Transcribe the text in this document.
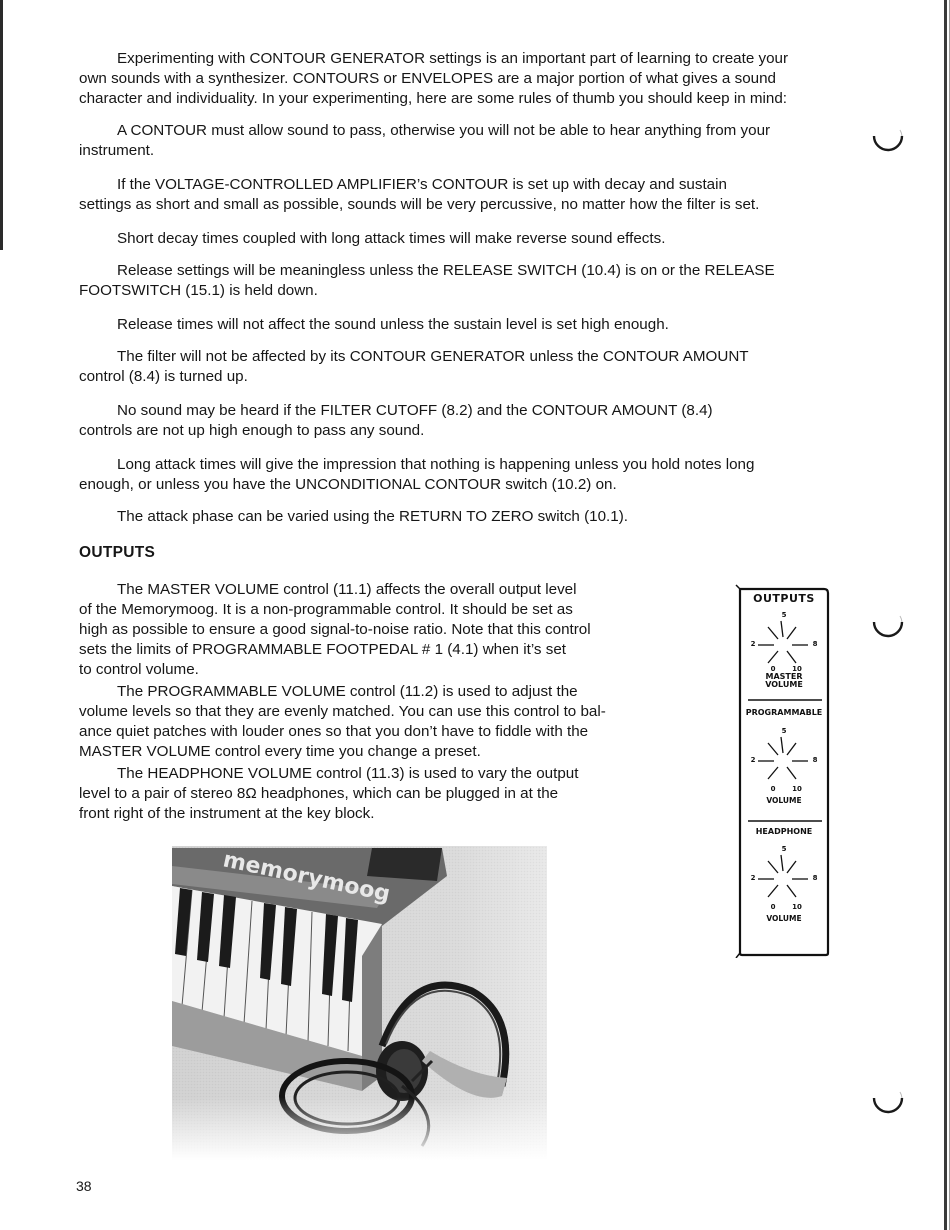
Experimenting with CONTOUR GENERATOR settings is an important part of learning to create your
own sounds with a synthesizer. CONTOURS or ENVELOPES are a major portion of what gives a sound
character and individuality. In your experimenting, here are some rules of thumb you should keep in mind:

A CONTOUR must allow sound to pass, otherwise you will not be able to hear anything from your
instrument.

If the VOLTAGE-CONTROLLED AMPLIFIER’s CONTOUR is set up with decay and sustain
settings as short and small as possible, sounds will be very percussive, no matter how the filter is set.

Short decay times coupled with long attack times will make reverse sound effects.

Release settings will be meaningless unless the RELEASE SWITCH (10.4) is on or the RELEASE
FOOTSWITCH (15.1) is held down.

Release times will not affect the sound unless the sustain level is set high enough.

The filter will not be affected by its CONTOUR GENERATOR unless the CONTOUR AMOUNT
control (8.4) is turned up.

No sound may be heard if the FILTER CUTOFF (8.2) and the CONTOUR AMOUNT (8.4)
controls are not up high enough to pass any sound.

Long attack times will give the impression that nothing is happening unless you hold notes long
enough, or unless you have the UNCONDITIONAL CONTOUR switch (10.2) on.

The attack phase can be varied using the RETURN TO ZERO switch (10.1).

OUTPUTS

The MASTER VOLUME control (11.1) affects the overall output level
of the Memorymoog. It is a non-programmable control. It should be set as
high as possible to ensure a good signal-to-noise ratio. Note that this control
sets the limits of PROGRAMMABLE FOOTPEDAL # 1 (4.1) when it’s set
to control volume.

The PROGRAMMABLE VOLUME control (11.2) is used to adjust the
volume levels so that they are evenly matched. You can use this control to bal-
ance quiet patches with louder ones so that you don’t have to fiddle with the
MASTER VOLUME control every time you change a preset.

The HEADPHONE VOLUME control (11.3) is used to vary the output
level to a pair of stereo 8Ω headphones, which can be plugged in at the
front right of the instrument at the key block.

OUTPUTS
5
2	8
0	10
MASTER
VOLUME
PROGRAMMABLE
5
2	8
0	10
VOLUME
HEADPHONE
5
2	8
0	10
VOLUME
38
